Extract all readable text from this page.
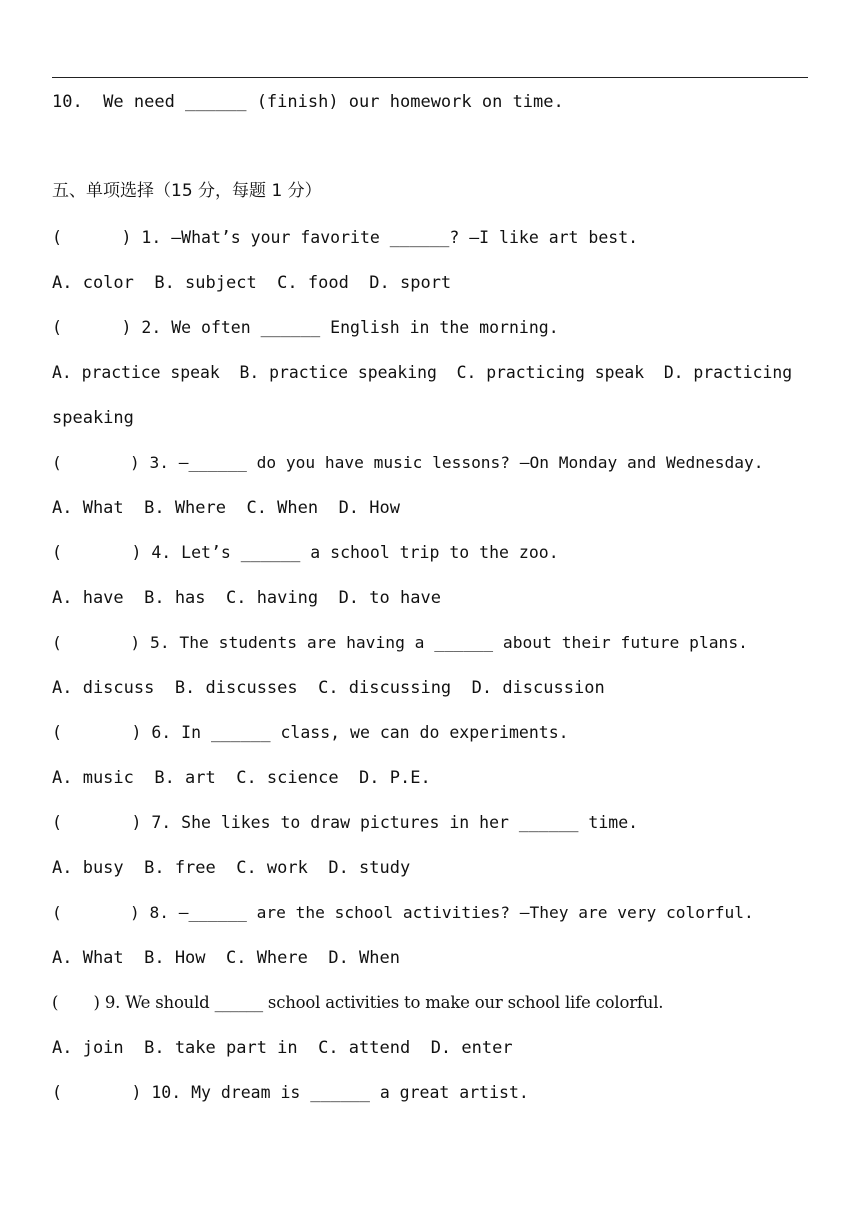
10.  We need ______ (finish) our homework on time.
五、单项选择（15 分，每题 1 分）
(      ) 1. —What’s your favorite ______? —I like art best.
A. color  B. subject  C. food  D. sport
(      ) 2. We often ______ English in the morning.
A. practice speak  B. practice speaking  C. practicing speak  D. practicing
speaking
(       ) 3. —______ do you have music lessons? —On Monday and Wednesday.
A. What  B. Where  C. When  D. How
(       ) 4. Let’s ______ a school trip to the zoo.
A. have  B. has  C. having  D. to have
(       ) 5. The students are having a ______ about their future plans.
A. discuss  B. discusses  C. discussing  D. discussion
(       ) 6. In ______ class, we can do experiments.
A. music  B. art  C. science  D. P.E.
(       ) 7. She likes to draw pictures in her ______ time.
A. busy  B. free  C. work  D. study
(       ) 8. —______ are the school activities? —They are very colorful.
A. What  B. How  C. Where  D. When
(       ) 9. We should ______ school activities to make our school life colorful.
A. join  B. take part in  C. attend  D. enter
(       ) 10. My dream is ______ a great artist.
